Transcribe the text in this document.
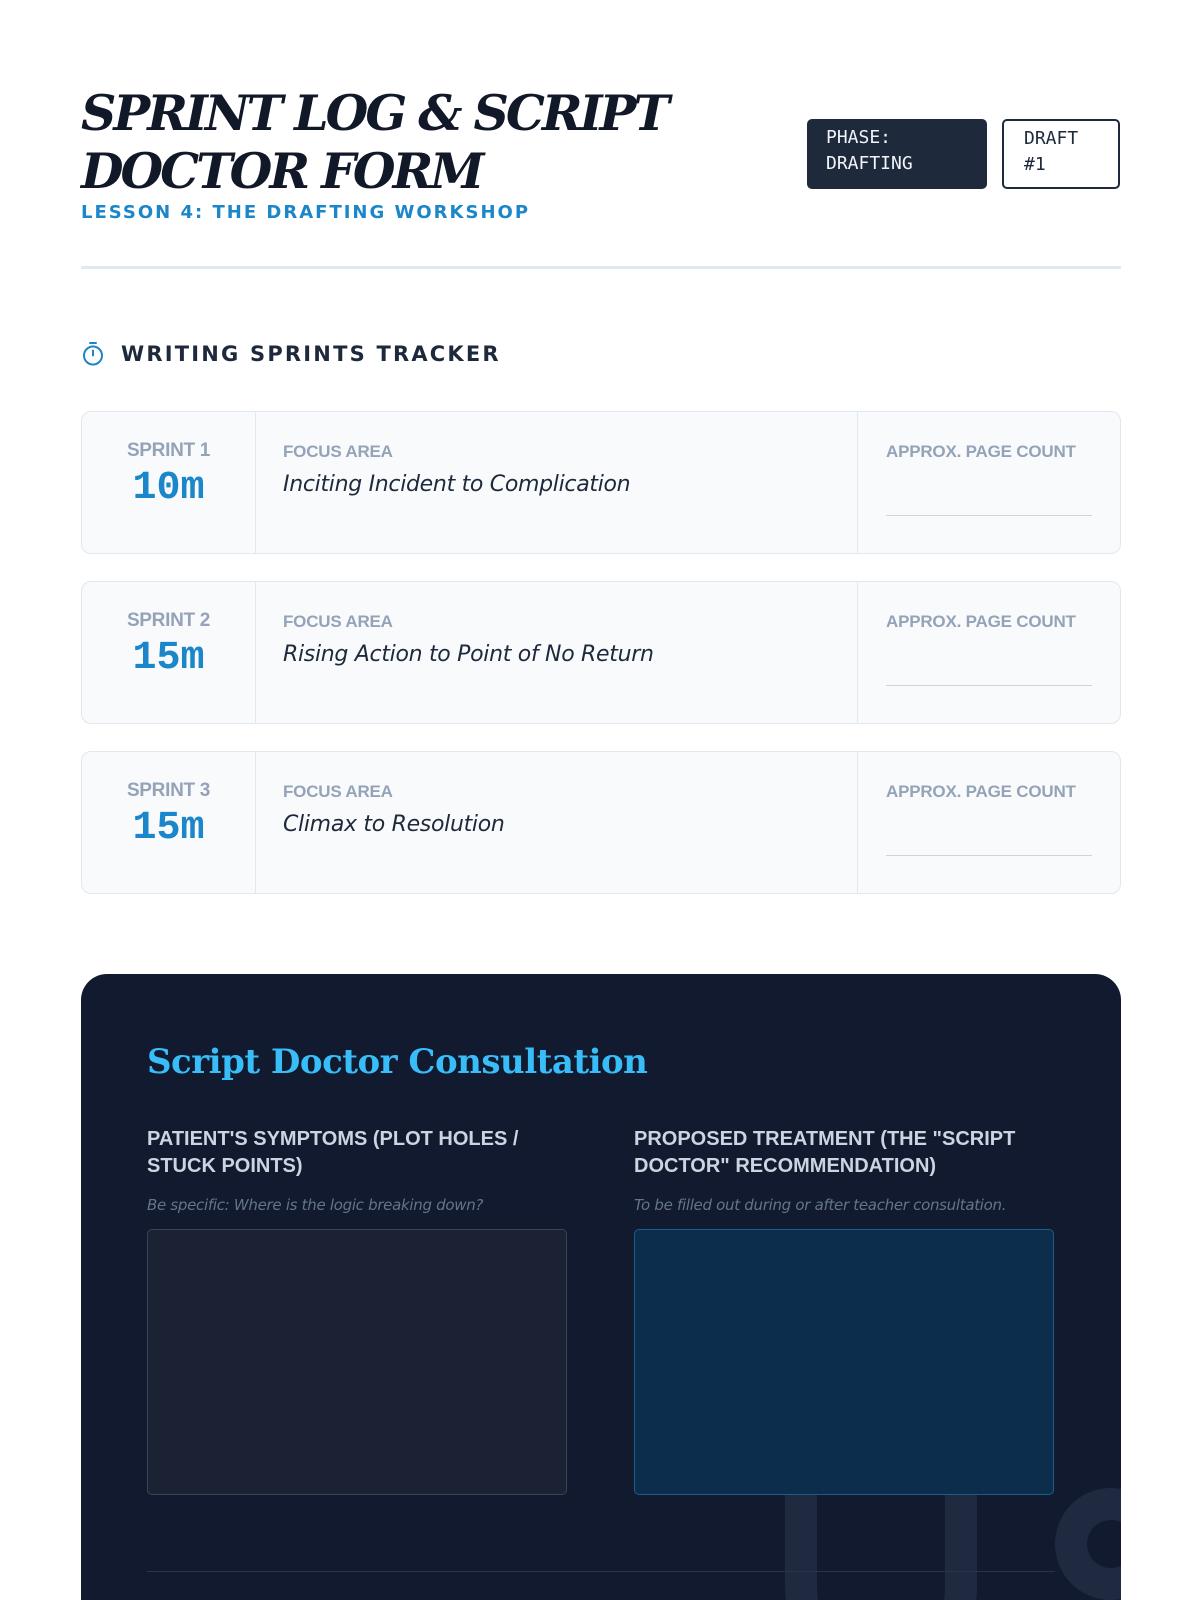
SPRINT LOG & SCRIPT DOCTOR FORM
LESSON 4: THE DRAFTING WORKSHOP
PHASE:
DRAFTING
DRAFT
#1
WRITING SPRINTS TRACKER
SPRINT 1
10m
FOCUS AREA
Inciting Incident to Complication
APPROX. PAGE COUNT
SPRINT 2
15m
FOCUS AREA
Rising Action to Point of No Return
APPROX. PAGE COUNT
SPRINT 3
15m
FOCUS AREA
Climax to Resolution
APPROX. PAGE COUNT
Script Doctor Consultation
PATIENT'S SYMPTOMS (PLOT HOLES / STUCK POINTS)
Be specific: Where is the logic breaking down?
PROPOSED TREATMENT (THE "SCRIPT DOCTOR" RECOMMENDATION)
To be filled out during or after teacher consultation.
